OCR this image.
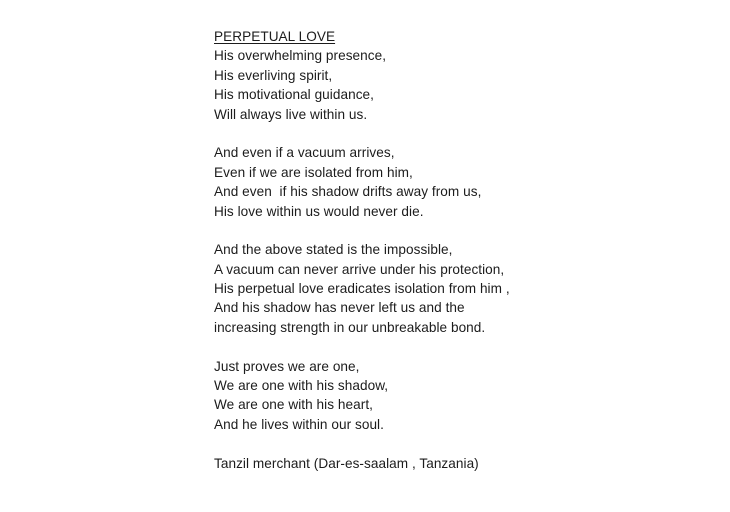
PERPETUAL LOVE
His overwhelming presence,
His everliving spirit,
His motivational guidance,
Will always live within us.
And even if a vacuum arrives,
Even if we are isolated from him,
And even  if his shadow drifts away from us,
His love within us would never die.
And the above stated is the impossible,
A vacuum can never arrive under his protection,
His perpetual love eradicates isolation from him ,
And his shadow has never left us and the
increasing strength in our unbreakable bond.
Just proves we are one,
We are one with his shadow,
We are one with his heart,
And he lives within our soul.
Tanzil merchant (Dar-es-saalam , Tanzania)
